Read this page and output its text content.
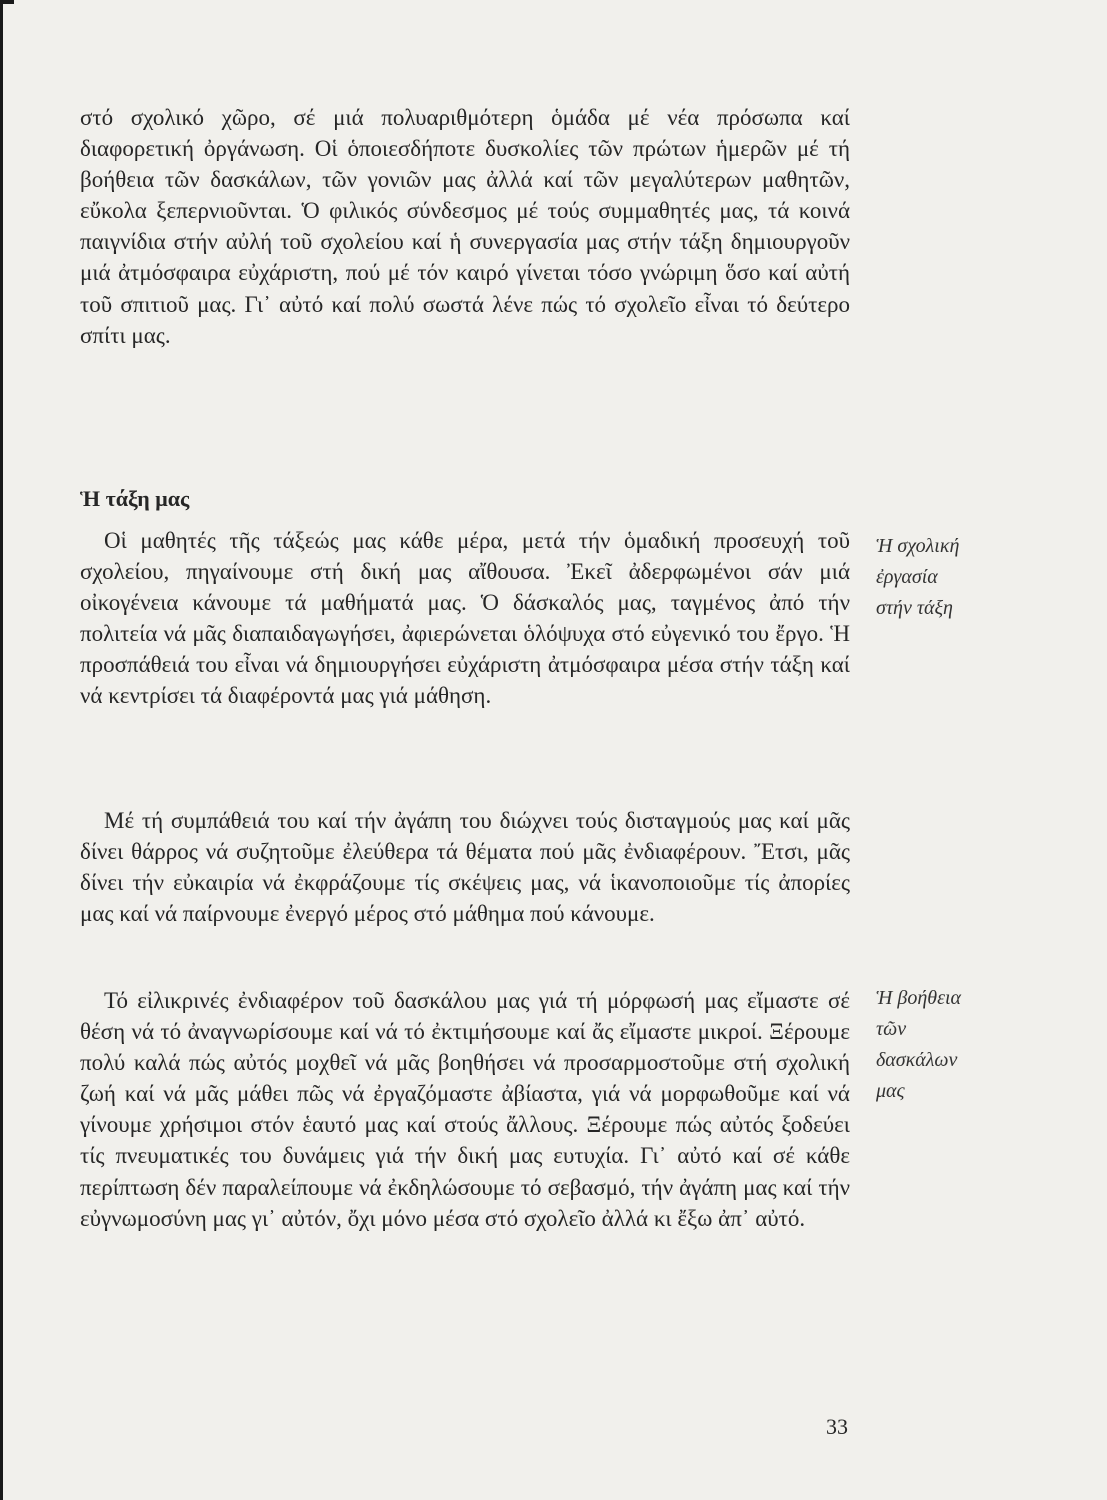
στό σχολικό χῶρο, σέ μιά πολυαριθμότερη ὁμάδα μέ νέα πρόσωπα καί διαφορετική ὀργάνωση. Οἱ ὁποιεσδήποτε δυσκολίες τῶν πρώτων ἡμερῶν μέ τή βοήθεια τῶν δασκάλων, τῶν γονιῶν μας ἀλλά καί τῶν μεγαλύτερων μαθητῶν, εὔκολα ξεπερνιοῦνται. Ὁ φιλικός σύνδεσμος μέ τούς συμμαθητές μας, τά κοινά παιγνίδια στήν αὐλή τοῦ σχολείου καί ἡ συνεργασία μας στήν τάξη δημιουργοῦν μιά ἀτμόσφαιρα εὐχάριστη, πού μέ τόν καιρό γίνεται τόσο γνώριμη ὅσο καί αὐτή τοῦ σπιτιοῦ μας. Γι᾿ αὐτό καί πολύ σωστά λένε πώς τό σχολεῖο εἶναι τό δεύτερο σπίτι μας.

Ἡ τάξη μας

Οἱ μαθητές τῆς τάξεώς μας κάθε μέρα, μετά τήν ὁμαδική προσευχή τοῦ σχολείου, πηγαίνουμε στή δική μας αἴθουσα. Ἐκεῖ ἀδερφωμένοι σάν μιά οἰκογένεια κάνουμε τά μαθήματά μας. Ὁ δάσκαλός μας, ταγμένος ἀπό τήν πολιτεία νά μᾶς διαπαιδαγωγήσει, ἀφιερώνεται ὁλόψυχα στό εὐγενικό του ἔργο. Ἡ προσπάθειά του εἶναι νά δημιουργήσει εὐχάριστη ἀτμόσφαιρα μέσα στήν τάξη καί νά κεντρίσει τά διαφέροντά μας γιά μάθηση.

Μέ τή συμπάθειά του καί τήν ἀγάπη του διώχνει τούς δισταγμούς μας καί μᾶς δίνει θάρρος νά συζητοῦμε ἐλεύθερα τά θέματα πού μᾶς ἐνδιαφέρουν. Ἔτσι, μᾶς δίνει τήν εὐκαιρία νά ἐκφράζουμε τίς σκέψεις μας, νά ἱκανοποιοῦμε τίς ἀπορίες μας καί νά παίρνουμε ἐνεργό μέρος στό μάθημα πού κάνουμε.

Τό εἰλικρινές ἐνδιαφέρον τοῦ δασκάλου μας γιά τή μόρφωσή μας εἴμαστε σέ θέση νά τό ἀναγνωρίσουμε καί νά τό ἐκτιμήσουμε καί ἄς εἴμαστε μικροί. Ξέρουμε πολύ καλά πώς αὐτός μοχθεῖ νά μᾶς βοηθήσει νά προσαρμοστοῦμε στή σχολική ζωή καί νά μᾶς μάθει πῶς νά ἐργαζόμαστε ἀβίαστα, γιά νά μορφωθοῦμε καί νά γίνουμε χρήσιμοι στόν ἑαυτό μας καί στούς ἄλλους. Ξέρουμε πώς αὐτός ξοδεύει τίς πνευματικές του δυνάμεις γιά τήν δική μας ευτυχία. Γι᾿ αὐτό καί σέ κάθε περίπτωση δέν παραλείπουμε νά ἐκδηλώσουμε τό σεβασμό, τήν ἀγάπη μας καί τήν εὐγνωμοσύνη μας γι᾿ αὐτόν, ὄχι μόνο μέσα στό σχολεῖο ἀλλά κι ἔξω ἀπ᾿ αὐτό.

Ἡ σχολική
ἐργασία
στήν τάξη

Ἡ βοήθεια
τῶν
δασκάλων
μας

33
